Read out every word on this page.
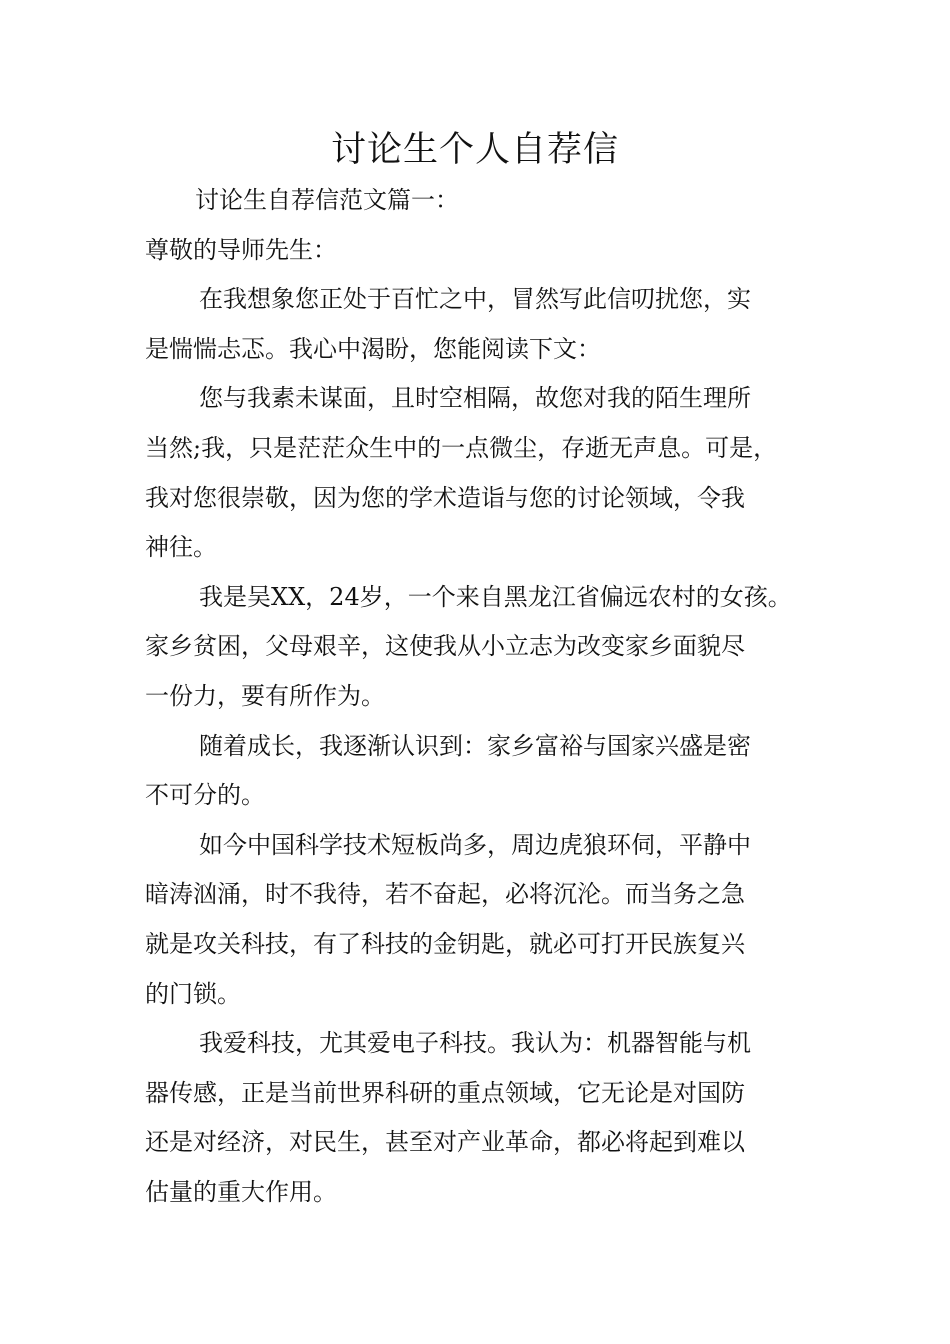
讨论生个人自荐信
讨论生自荐信范文篇一：
尊敬的导师先生：
在我想象您正处于百忙之中，冒然写此信叨扰您，实
是惴惴忐忑。我心中渴盼，您能阅读下文：
您与我素未谋面，且时空相隔，故您对我的陌生理所
当然;我，只是茫茫众生中的一点微尘，存逝无声息。可是，
我对您很崇敬，因为您的学术造诣与您的讨论领域，令我
神往。
我是吴XX，24岁，一个来自黑龙江省偏远农村的女孩。
家乡贫困，父母艰辛，这使我从小立志为改变家乡面貌尽
一份力，要有所作为。
随着成长，我逐渐认识到：家乡富裕与国家兴盛是密
不可分的。
如今中国科学技术短板尚多，周边虎狼环伺，平静中
暗涛汹涌，时不我待，若不奋起，必将沉沦。而当务之急
就是攻关科技，有了科技的金钥匙，就必可打开民族复兴
的门锁。
我爱科技，尤其爱电子科技。我认为：机器智能与机
器传感，正是当前世界科研的重点领域，它无论是对国防
还是对经济，对民生，甚至对产业革命，都必将起到难以
估量的重大作用。
